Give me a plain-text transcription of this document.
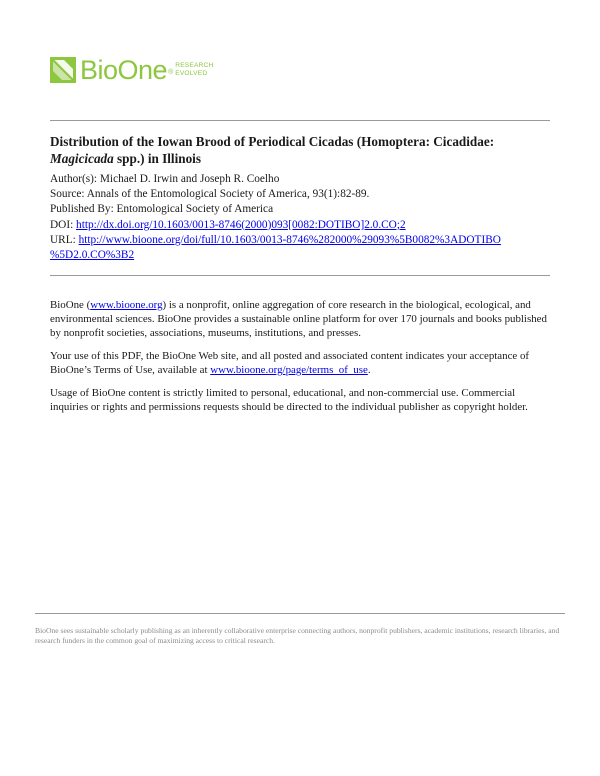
BioOne ®
RESEARCH
EVOLVED
Distribution of the Iowan Brood of Periodical Cicadas (Homoptera: Cicadidae:
Magicicada spp.) in Illinois
Author(s): Michael D. Irwin and Joseph R. Coelho
Source: Annals of the Entomological Society of America, 93(1):82-89.
Published By: Entomological Society of America
DOI: http://dx.doi.org/10.1603/0013-8746(2000)093[0082:DOTIBO]2.0.CO;2
URL: http://www.bioone.org/doi/full/10.1603/0013-8746%282000%29093%5B0082%3ADOTIBO
%5D2.0.CO%3B2

BioOne (www.bioone.org) is a nonprofit, online aggregation of core research in the biological, ecological, and environmental sciences. BioOne provides a sustainable online platform for over 170 journals and books published by nonprofit societies, associations, museums, institutions, and presses.

Your use of this PDF, the BioOne Web site, and all posted and associated content indicates your acceptance of BioOne’s Terms of Use, available at www.bioone.org/page/terms_of_use.

Usage of BioOne content is strictly limited to personal, educational, and non-commercial use. Commercial inquiries or rights and permissions requests should be directed to the individual publisher as copyright holder.

BioOne sees sustainable scholarly publishing as an inherently collaborative enterprise connecting authors, nonprofit publishers, academic institutions, research libraries, and research funders in the common goal of maximizing access to critical research.
